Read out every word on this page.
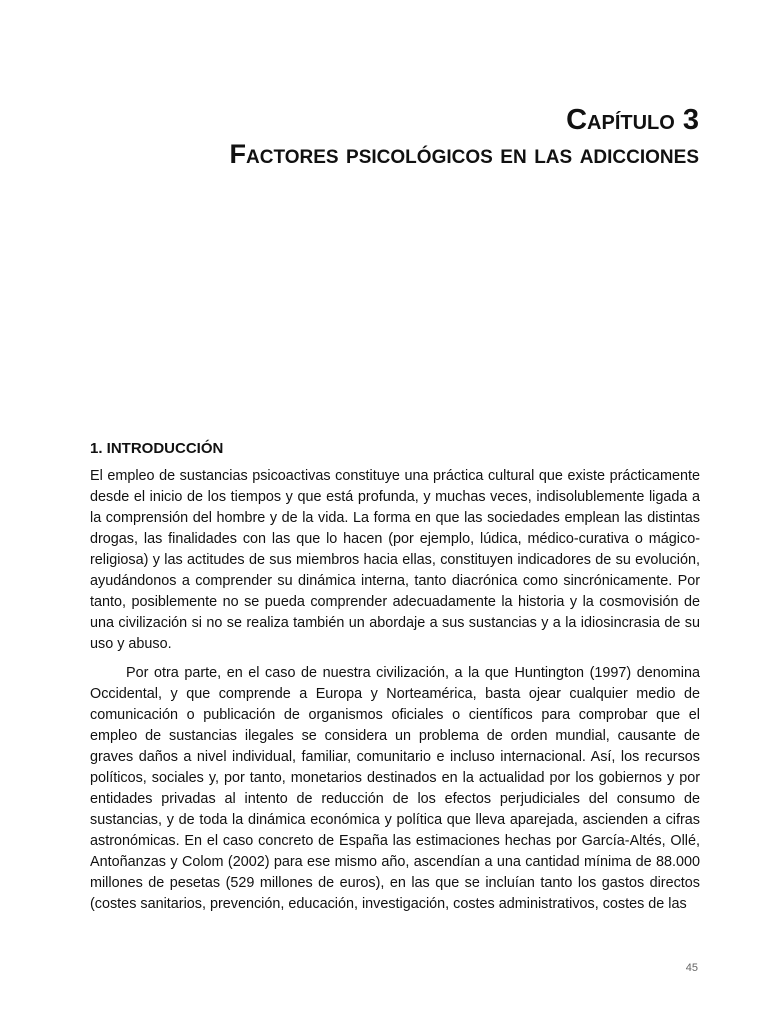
Capítulo 3
Factores psicológicos en las adicciones
1. INTRODUCCIÓN

El empleo de sustancias psicoactivas constituye una práctica cultural que existe prácticamente desde el inicio de los tiempos y que está profunda, y muchas veces, indisolublemente ligada a la comprensión del hombre y de la vida. La forma en que las sociedades emplean las distintas drogas, las finalidades con las que lo hacen (por ejemplo, lúdica, médico-curativa o mágico-religiosa) y las actitudes de sus miembros hacia ellas, constituyen indicadores de su evolución, ayudándonos a comprender su dinámica interna, tanto diacrónica como sincrónicamente. Por tanto, posiblemente no se pueda comprender adecuadamente la historia y la cosmovisión de una civilización si no se realiza también un abordaje a sus sustancias y a la idiosincrasia de su uso y abuso.

Por otra parte, en el caso de nuestra civilización, a la que Huntington (1997) denomina Occidental, y que comprende a Europa y Norteamérica, basta ojear cualquier medio de comunicación o publicación de organismos oficiales o científicos para comprobar que el empleo de sustancias ilegales se considera un problema de orden mundial, causante de graves daños a nivel individual, familiar, comunitario e incluso internacional. Así, los recursos políticos, sociales y, por tanto, monetarios destinados en la actualidad por los gobiernos y por entidades privadas al intento de reducción de los efectos perjudiciales del consumo de sustancias, y de toda la dinámica económica y política que lleva aparejada, ascienden a cifras astronómicas. En el caso concreto de España las estimaciones hechas por García-Altés, Ollé, Antoñanzas y Colom (2002) para ese mismo año, ascendían a una cantidad mínima de 88.000 millones de pesetas (529 millones de euros), en las que se incluían tanto los gastos directos (costes sanitarios, prevención, educación, investigación, costes administrativos, costes de las

45
